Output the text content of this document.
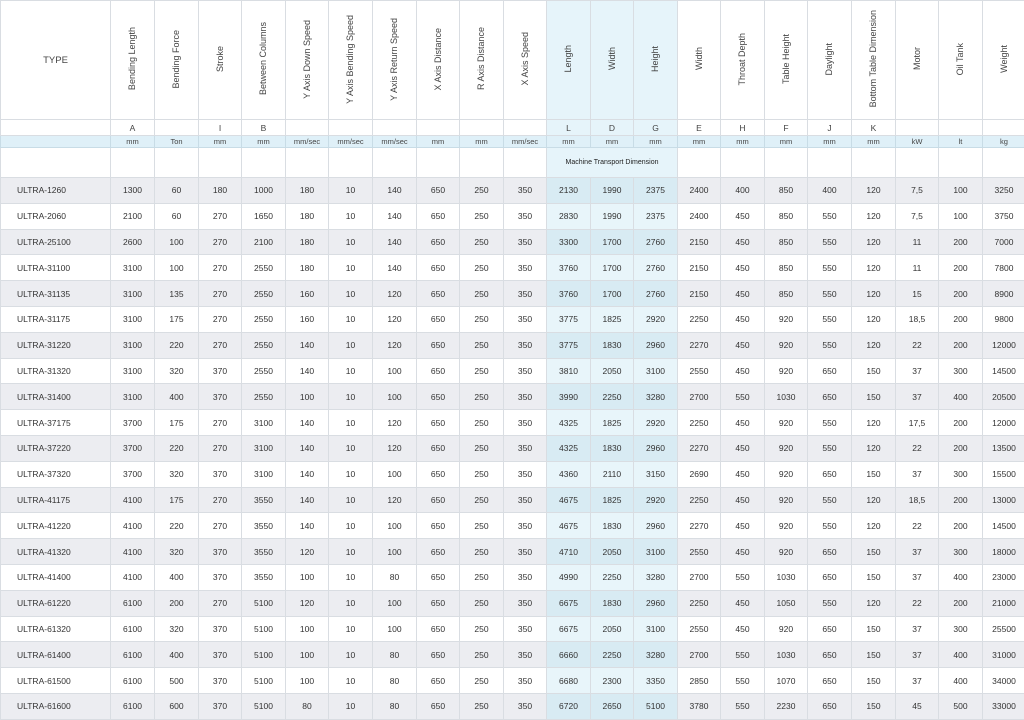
TYPE	Bending Length	Bending Force	Stroke	Between Columns	Y Axis Down Speed	Y Axis Bending Speed	Y Axis Return Speed	X Axis Distance	R Axis Distance	X Axis Speed	Length	Width	Height	Width	Throat Depth	Table Height	Daylight	Bottom Table Dimension	Motor	Oil Tank	Weight
	A		I	B							L	D	G	E	H	F	J	K			
	mm	Ton	mm	mm	mm/sec	mm/sec	mm/sec	mm	mm	mm/sec	mm	mm	mm	mm	mm	mm	mm	mm	kW	lt	kg
											Machine Transport Dimension										
ULTRA-1260	1300	60	180	1000	180	10	140	650	250	350	2130	1990	2375	2400	400	850	400	120	7,5	100	3250
ULTRA-2060	2100	60	270	1650	180	10	140	650	250	350	2830	1990	2375	2400	450	850	550	120	7,5	100	3750
ULTRA-25100	2600	100	270	2100	180	10	140	650	250	350	3300	1700	2760	2150	450	850	550	120	11	200	7000
ULTRA-31100	3100	100	270	2550	180	10	140	650	250	350	3760	1700	2760	2150	450	850	550	120	11	200	7800
ULTRA-31135	3100	135	270	2550	160	10	120	650	250	350	3760	1700	2760	2150	450	850	550	120	15	200	8900
ULTRA-31175	3100	175	270	2550	160	10	120	650	250	350	3775	1825	2920	2250	450	920	550	120	18,5	200	9800
ULTRA-31220	3100	220	270	2550	140	10	120	650	250	350	3775	1830	2960	2270	450	920	550	120	22	200	12000
ULTRA-31320	3100	320	370	2550	140	10	100	650	250	350	3810	2050	3100	2550	450	920	650	150	37	300	14500
ULTRA-31400	3100	400	370	2550	100	10	100	650	250	350	3990	2250	3280	2700	550	1030	650	150	37	400	20500
ULTRA-37175	3700	175	270	3100	140	10	120	650	250	350	4325	1825	2920	2250	450	920	550	120	17,5	200	12000
ULTRA-37220	3700	220	270	3100	140	10	120	650	250	350	4325	1830	2960	2270	450	920	550	120	22	200	13500
ULTRA-37320	3700	320	370	3100	140	10	100	650	250	350	4360	2110	3150	2690	450	920	650	150	37	300	15500
ULTRA-41175	4100	175	270	3550	140	10	120	650	250	350	4675	1825	2920	2250	450	920	550	120	18,5	200	13000
ULTRA-41220	4100	220	270	3550	140	10	100	650	250	350	4675	1830	2960	2270	450	920	550	120	22	200	14500
ULTRA-41320	4100	320	370	3550	120	10	100	650	250	350	4710	2050	3100	2550	450	920	650	150	37	300	18000
ULTRA-41400	4100	400	370	3550	100	10	80	650	250	350	4990	2250	3280	2700	550	1030	650	150	37	400	23000
ULTRA-61220	6100	200	270	5100	120	10	100	650	250	350	6675	1830	2960	2250	450	1050	550	120	22	200	21000
ULTRA-61320	6100	320	370	5100	100	10	100	650	250	350	6675	2050	3100	2550	450	920	650	150	37	300	25500
ULTRA-61400	6100	400	370	5100	100	10	80	650	250	350	6660	2250	3280	2700	550	1030	650	150	37	400	31000
ULTRA-61500	6100	500	370	5100	100	10	80	650	250	350	6680	2300	3350	2850	550	1070	650	150	37	400	34000
ULTRA-61600	6100	600	370	5100	80	10	80	650	250	350	6720	2650	5100	3780	550	2230	650	150	45	500	33000
